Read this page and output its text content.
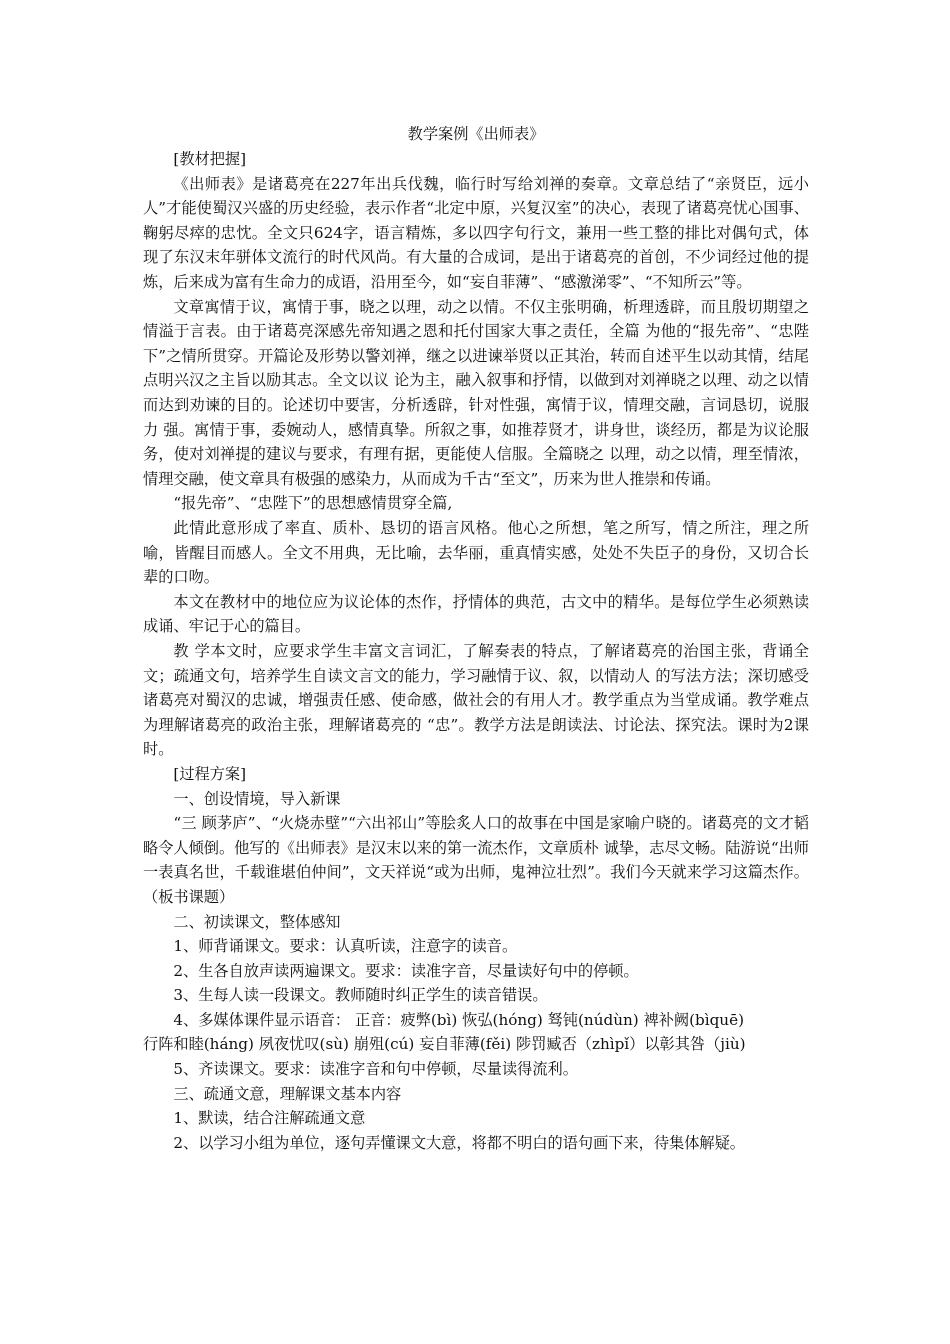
教学案例《出师表》

[教材把握]

《出师表》是诸葛亮在227年出兵伐魏，临行时写给刘禅的奏章。文章总结了“亲贤臣，远小人”才能使蜀汉兴盛的历史经验，表示作者“北定中原，兴复汉室”的决心，表现了诸葛亮忧心国事、鞠躬尽瘁的忠忱。全文只624字，语言精炼，多以四字句行文，兼用一些工整的排比对偶句式，体现了东汉末年骈体文流行的时代风尚。有大量的合成词，是出于诸葛亮的首创，不少词经过他的提炼，后来成为富有生命力的成语，沿用至今，如“妄自菲薄”、“感激涕零”、“不知所云”等。

文章寓情于议，寓情于事，晓之以理，动之以情。不仅主张明确，析理透辟，而且殷切期望之情溢于言表。由于诸葛亮深感先帝知遇之恩和托付国家大事之责任，全篇 为他的“报先帝”、“忠陛下”之情所贯穿。开篇论及形势以警刘禅，继之以进谏举贤以正其治，转而自述平生以动其情，结尾点明兴汉之主旨以励其志。全文以议 论为主，融入叙事和抒情，以做到对刘禅晓之以理、动之以情而达到劝谏的目的。论述切中要害，分析透辟，针对性强，寓情于议，情理交融，言词恳切，说服力 强。寓情于事，委婉动人，感情真挚。所叙之事，如推荐贤才，讲身世，谈经历，都是为议论服务，使对刘禅提的建议与要求，有理有据，更能使人信服。全篇晓之 以理，动之以情，理至情浓，情理交融，使文章具有极强的感染力，从而成为千古“至文”，历来为世人推崇和传诵。

“报先帝”、“忠陛下”的思想感情贯穿全篇,

此情此意形成了率直、质朴、恳切的语言风格。他心之所想，笔之所写，情之所注，理之所喻，皆醒目而感人。全文不用典，无比喻，去华丽，重真情实感，处处不失臣子的身份，又切合长辈的口吻。

本文在教材中的地位应为议论体的杰作，抒情体的典范，古文中的精华。是每位学生必须熟读成诵、牢记于心的篇目。

教 学本文时，应要求学生丰富文言词汇，了解奏表的特点，了解诸葛亮的治国主张，背诵全文；疏通文句，培养学生自读文言文的能力，学习融情于议、叙，以情动人 的写法方法；深切感受诸葛亮对蜀汉的忠诚，增强责任感、使命感，做社会的有用人才。教学重点为当堂成诵。教学难点为理解诸葛亮的政治主张，理解诸葛亮的 “忠”。教学方法是朗读法、讨论法、探究法。课时为2课时。

[过程方案]

一、创设情境，导入新课

“三 顾茅庐”、“火烧赤壁”“六出祁山”等脍炙人口的故事在中国是家喻户晓的。诸葛亮的文才韬略令人倾倒。他写的《出师表》是汉末以来的第一流杰作，文章质朴 诚挚，志尽文畅。陆游说“出师一表真名世，千载谁堪伯仲间”，文天祥说“或为出师，鬼神泣壮烈”。我们今天就来学习这篇杰作。（板书课题）

二、初读课文，整体感知

1、师背诵课文。要求：认真听读，注意字的读音。

2、生各自放声读两遍课文。要求：读准字音，尽量读好句中的停顿。

3、生每人读一段课文。教师随时纠正学生的读音错误。

4、多媒体课件显示语音： 正音：疲弊(bì) 恢弘(hóng) 驽钝(núdùn) 裨补阙(bìquē)

行阵和睦(háng) 夙夜忧叹(sù) 崩殂(cú) 妄自菲薄(fěi) 陟罚臧否（zhìpǐ）以彰其咎（jiù)

5、齐读课文。要求：读准字音和句中停顿，尽量读得流利。

三、疏通文意，理解课文基本内容

1、默读，结合注解疏通文意

2、以学习小组为单位，逐句弄懂课文大意，将都不明白的语句画下来，待集体解疑。
